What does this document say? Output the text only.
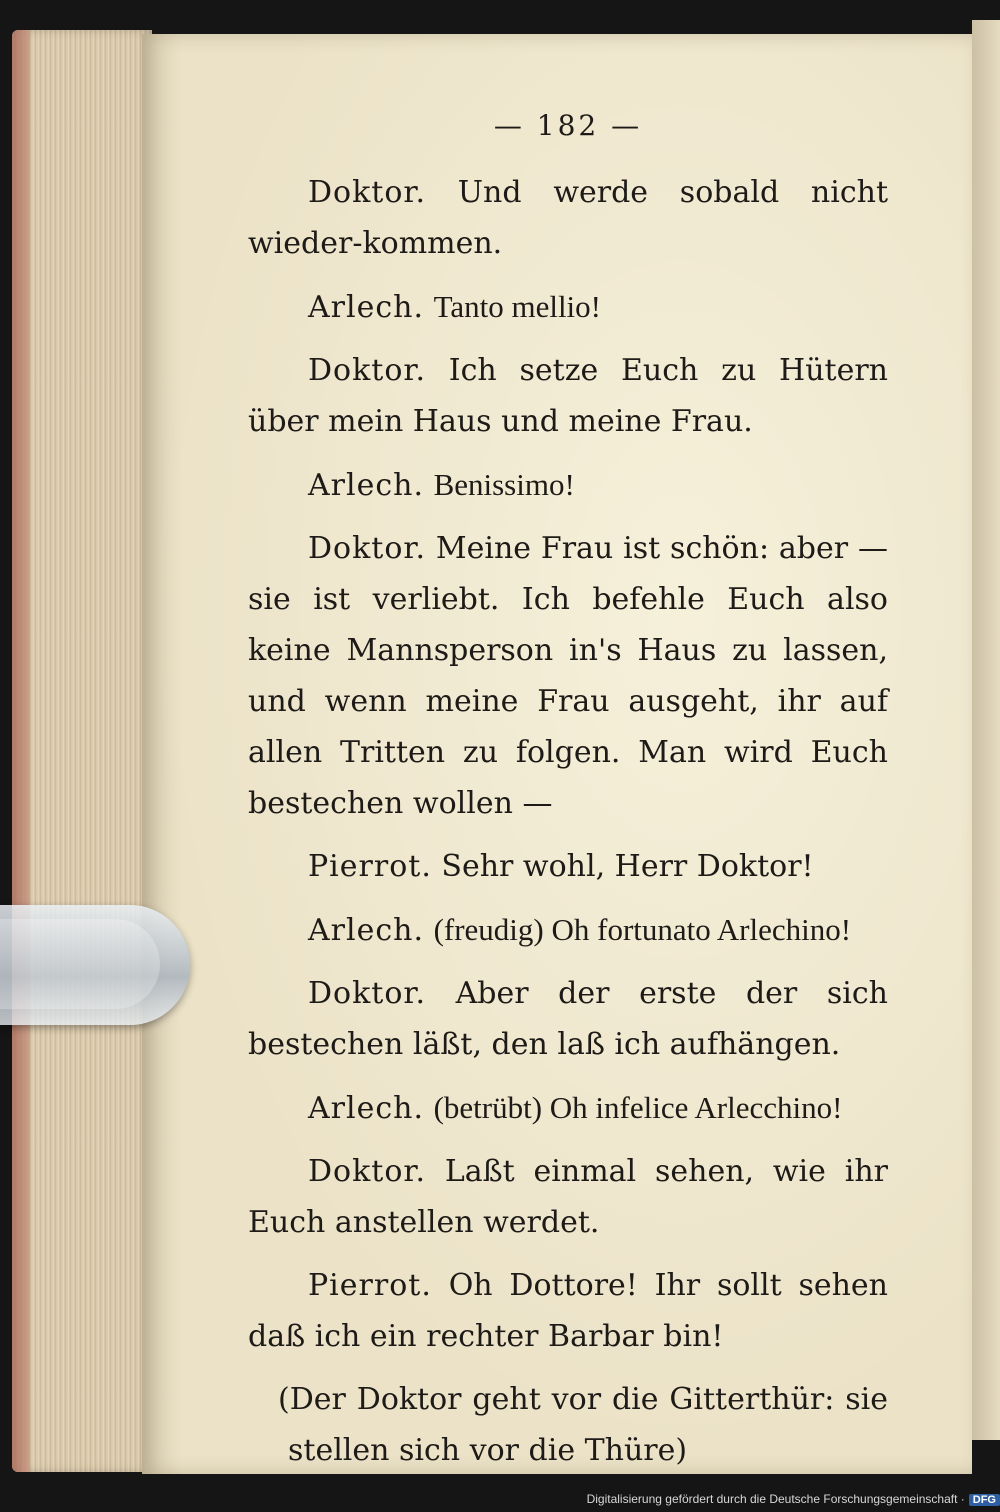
— 182 —

Doktor. Und werde sobald nicht wieder-kommen.

Arlech. Tanto mellio!

Doktor. Ich setze Euch zu Hütern über mein Haus und meine Frau.

Arlech. Benissimo!

Doktor. Meine Frau ist schön: aber — sie ist verliebt. Ich befehle Euch also keine Mannsperson in's Haus zu lassen, und wenn meine Frau ausgeht, ihr auf allen Tritten zu folgen. Man wird Euch bestechen wollen —

Pierrot. Sehr wohl, Herr Doktor!

Arlech. (freudig) Oh fortunato Arlechino!

Doktor. Aber der erste der sich bestechen läßt, den laß ich aufhängen.

Arlech. (betrübt) Oh infelice Arlecchino!

Doktor. Laßt einmal sehen, wie ihr Euch anstellen werdet.

Pierrot. Oh Dottore! Ihr sollt sehen daß ich ein rechter Barbar bin!

(Der Doktor geht vor die Gitterthür: sie stellen sich vor die Thüre)

Digitalisierung gefördert durch die Deutsche Forschungsgemeinschaft · DFG
